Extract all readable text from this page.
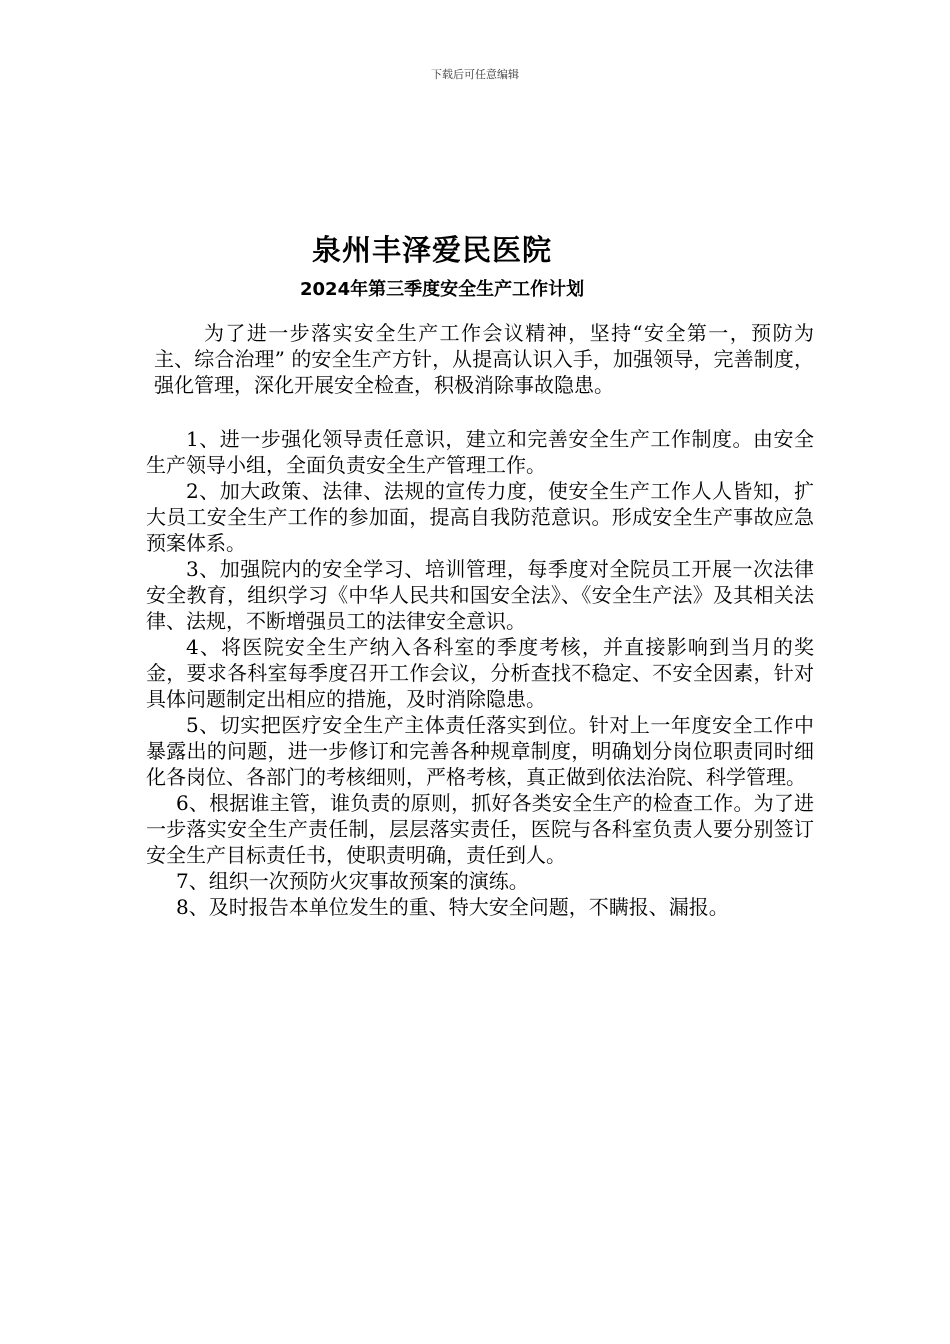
下载后可任意编辑
泉州丰泽爱民医院
2024年第三季度安全生产工作计划

为了进一步落实安全生产工作会议精神，坚持“安全第一，预防为主、综合治理” 的安全生产方针，从提高认识入手，加强领导，完善制度，强化管理，深化开展安全检查，积极消除事故隐患。

1、进一步强化领导责任意识，建立和完善安全生产工作制度。由安全生产领导小组，全面负责安全生产管理工作。

2、加大政策、法律、法规的宣传力度，使安全生产工作人人皆知，扩大员工安全生产工作的参加面，提高自我防范意识。形成安全生产事故应急预案体系。

3、加强院内的安全学习、培训管理，每季度对全院员工开展一次法律安全教育，组织学习《中华人民共和国安全法》、《安全生产法》及其相关法律、法规，不断增强员工的法律安全意识。

4、将医院安全生产纳入各科室的季度考核，并直接影响到当月的奖金，要求各科室每季度召开工作会议，分析查找不稳定、不安全因素，针对具体问题制定出相应的措施，及时消除隐患。

5、切实把医疗安全生产主体责任落实到位。针对上一年度安全工作中暴露出的问题，进一步修订和完善各种规章制度，明确划分岗位职责同时细化各岗位、各部门的考核细则，严格考核，真正做到依法治院、科学管理。

6、根据谁主管，谁负责的原则，抓好各类安全生产的检查工作。为了进一步落实安全生产责任制，层层落实责任，医院与各科室负责人要分别签订安全生产目标责任书，使职责明确，责任到人。

7、组织一次预防火灾事故预案的演练。

8、及时报告本单位发生的重、特大安全问题，不瞒报、漏报。
